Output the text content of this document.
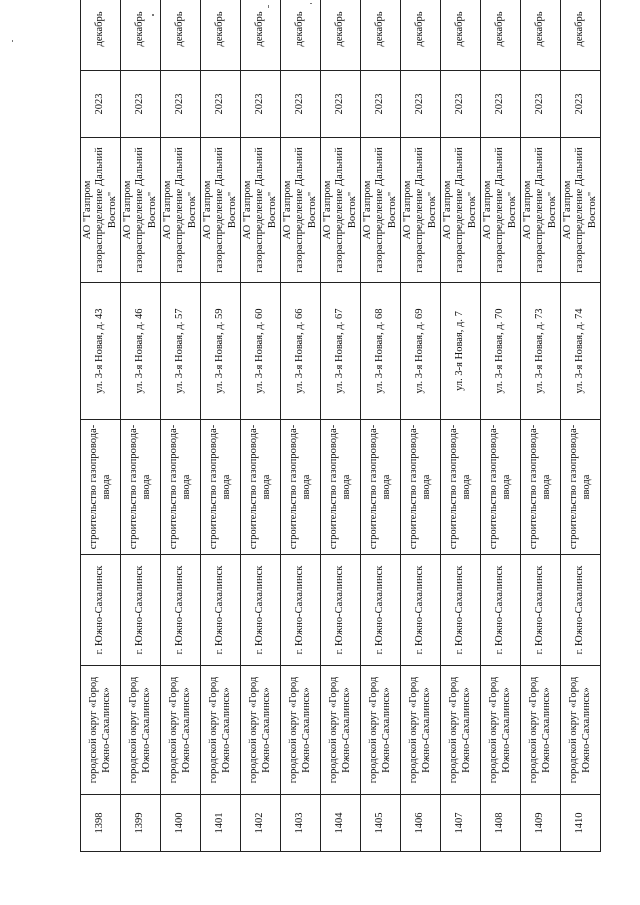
1398	городской округ «Город Южно-Сахалинск»	г. Южно-Сахалинск	строительство газопровода-ввода	ул. 3-я Новая, д. 43	АО "Газпром газораспределение Дальний Восток"	2023	декабрь
1399	городской округ «Город Южно-Сахалинск»	г. Южно-Сахалинск	строительство газопровода-ввода	ул. 3-я Новая, д. 46	АО "Газпром газораспределение Дальний Восток"	2023	декабрь
1400	городской округ «Город Южно-Сахалинск»	г. Южно-Сахалинск	строительство газопровода-ввода	ул. 3-я Новая, д. 57	АО "Газпром газораспределение Дальний Восток"	2023	декабрь
1401	городской округ «Город Южно-Сахалинск»	г. Южно-Сахалинск	строительство газопровода-ввода	ул. 3-я Новая, д. 59	АО "Газпром газораспределение Дальний Восток"	2023	декабрь
1402	городской округ «Город Южно-Сахалинск»	г. Южно-Сахалинск	строительство газопровода-ввода	ул. 3-я Новая, д. 60	АО "Газпром газораспределение Дальний Восток"	2023	декабрь
1403	городской округ «Город Южно-Сахалинск»	г. Южно-Сахалинск	строительство газопровода-ввода	ул. 3-я Новая, д. 66	АО "Газпром газораспределение Дальний Восток"	2023	декабрь
1404	городской округ «Город Южно-Сахалинск»	г. Южно-Сахалинск	строительство газопровода-ввода	ул. 3-я Новая, д. 67	АО "Газпром газораспределение Дальний Восток"	2023	декабрь
1405	городской округ «Город Южно-Сахалинск»	г. Южно-Сахалинск	строительство газопровода-ввода	ул. 3-я Новая, д. 68	АО "Газпром газораспределение Дальний Восток"	2023	декабрь
1406	городской округ «Город Южно-Сахалинск»	г. Южно-Сахалинск	строительство газопровода-ввода	ул. 3-я Новая, д. 69	АО "Газпром газораспределение Дальний Восток"	2023	декабрь
1407	городской округ «Город Южно-Сахалинск»	г. Южно-Сахалинск	строительство газопровода-ввода	ул. 3-я Новая, д. 7	АО "Газпром газораспределение Дальний Восток"	2023	декабрь
1408	городской округ «Город Южно-Сахалинск»	г. Южно-Сахалинск	строительство газопровода-ввода	ул. 3-я Новая, д. 70	АО "Газпром газораспределение Дальний Восток"	2023	декабрь
1409	городской округ «Город Южно-Сахалинск»	г. Южно-Сахалинск	строительство газопровода-ввода	ул. 3-я Новая, д. 73	АО "Газпром газораспределение Дальний Восток"	2023	декабрь
1410	городской округ «Город Южно-Сахалинск»	г. Южно-Сахалинск	строительство газопровода-ввода	ул. 3-я Новая, д. 74	АО "Газпром газораспределение Дальний Восток"	2023	декабрь
